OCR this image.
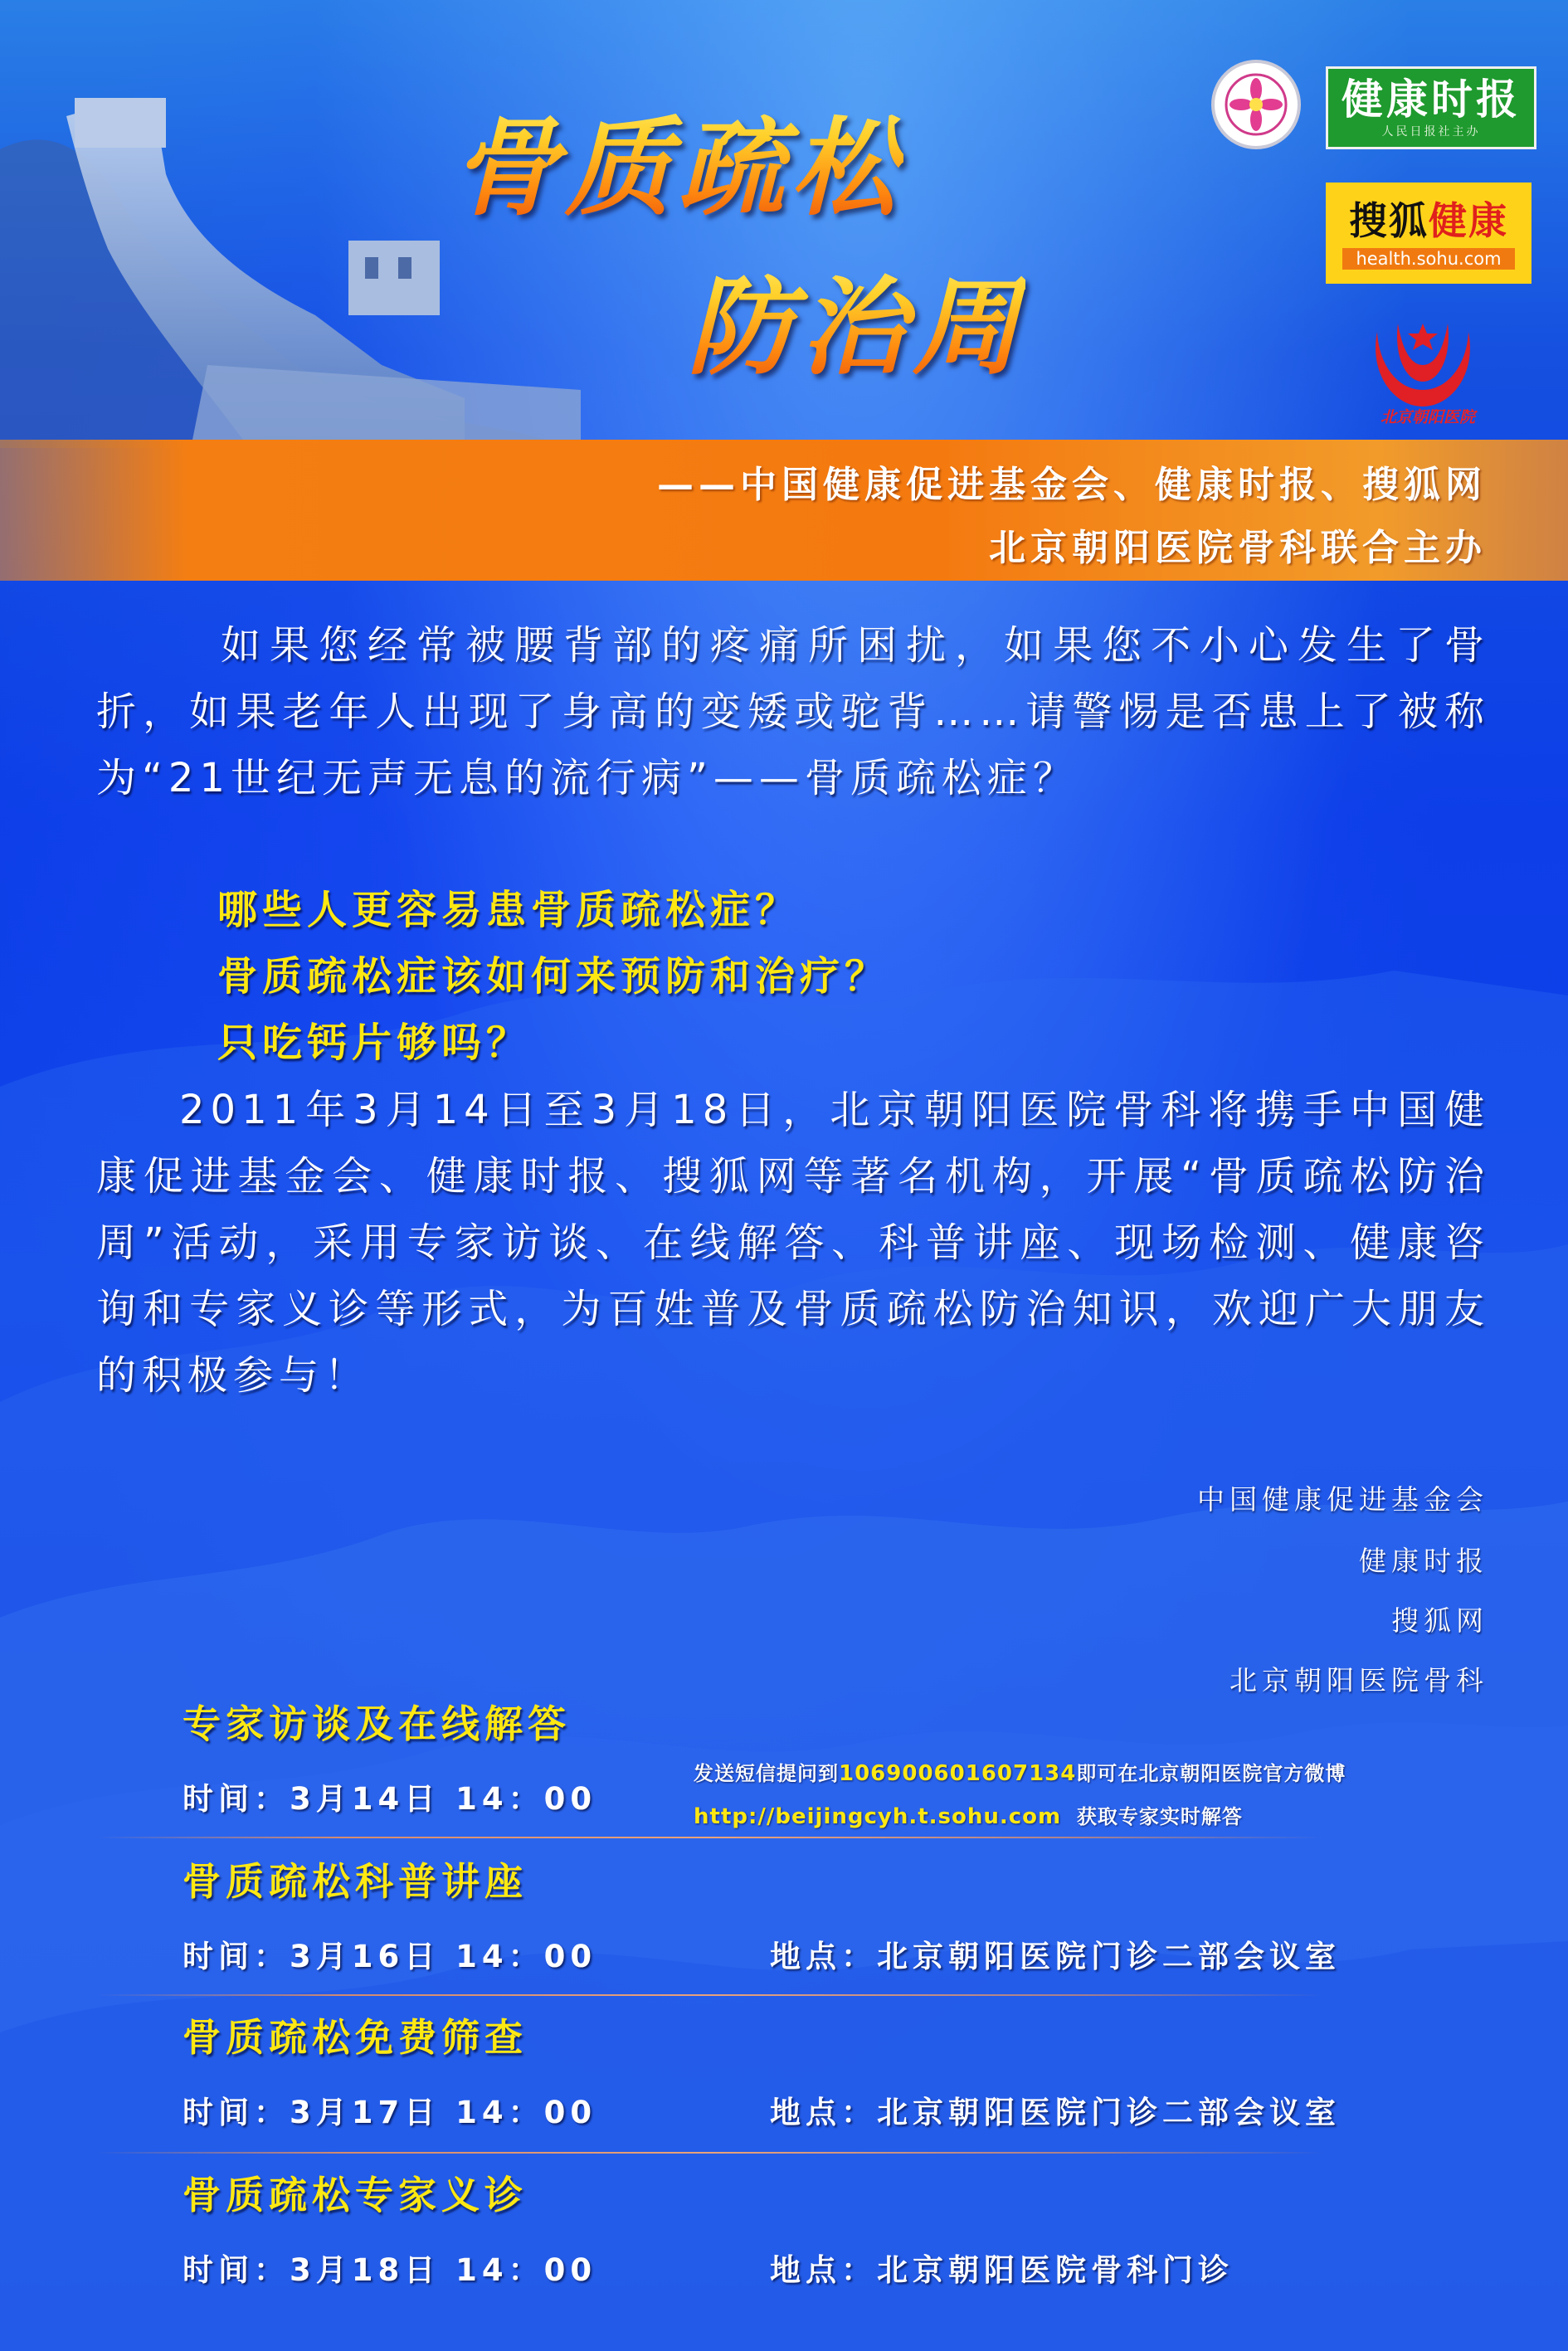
骨质疏松
防治周
健康时报
人民日报社主办
搜狐健康
health.sohu.com
北京朝阳医院
——中国健康促进基金会、健康时报、搜狐网
北京朝阳医院骨科联合主办
如果您经常被腰背部的疼痛所困扰，如果您不小心发生了骨折，如果老年人出现了身高的变矮或驼背……请警惕是否患上了被称为“21世纪无声无息的流行病”——骨质疏松症？
哪些人更容易患骨质疏松症？
骨质疏松症该如何来预防和治疗？
只吃钙片够吗？
2011年3月14日至3月18日，北京朝阳医院骨科将携手中国健康促进基金会、健康时报、搜狐网等著名机构，开展“骨质疏松防治周”活动，采用专家访谈、在线解答、科普讲座、现场检测、健康咨询和专家义诊等形式，为百姓普及骨质疏松防治知识，欢迎广大朋友的积极参与！
中国健康促进基金会
健康时报
搜狐网
北京朝阳医院骨科
专家访谈及在线解答
时间：3月14日 14：00
发送短信提问到106900601607134即可在北京朝阳医院官方微博
http://beijingcyh.t.sohu.com 获取专家实时解答
骨质疏松科普讲座
时间：3月16日 14：00	地点：北京朝阳医院门诊二部会议室
骨质疏松免费筛查
时间：3月17日 14：00	地点：北京朝阳医院门诊二部会议室
骨质疏松专家义诊
时间：3月18日 14：00	地点：北京朝阳医院骨科门诊
